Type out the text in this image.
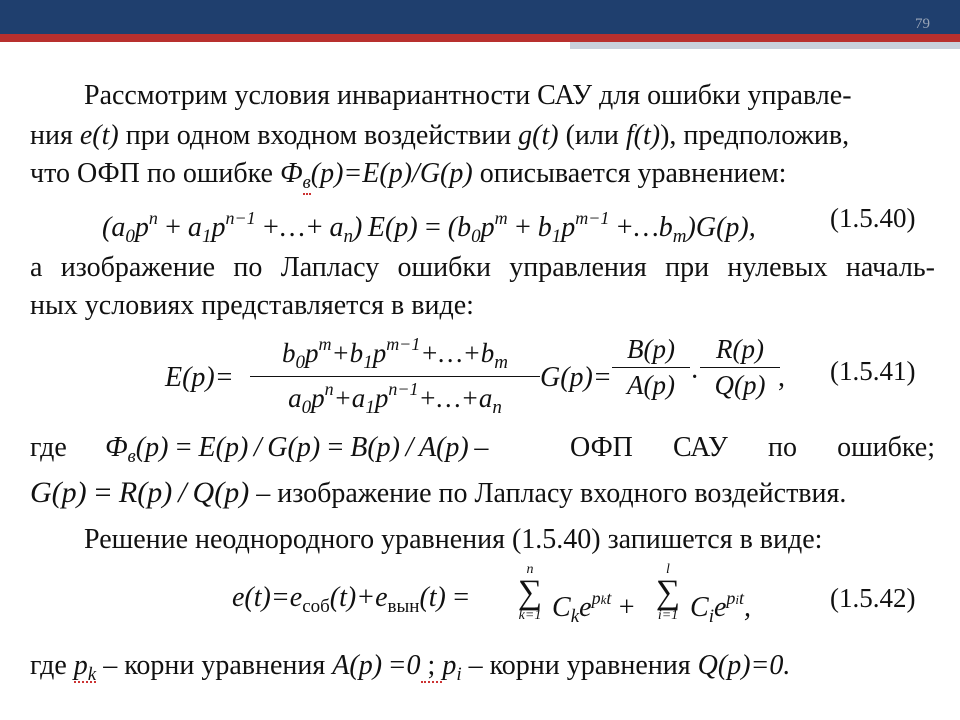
79
Рассмотрим условия инвариантности САУ для ошибки управле-
ния e(t) при одном входном воздействии g(t) (или f(t)), предположив,
что ОФП по ошибке $Ф_в(p)=E(p)/G(p)$ описывается уравнением:
($a_0p^n + a_1p^{n-1}$ +…+ $a_n$) $E(p) = (b_0p^m + b_1p^{m-1}$ $+\dots b_m)G(p)$,	(1.5.40)
а изображение по Лапласу ошибки управления при нулевых началь-
ных условиях представляется в виде:
$E(p)= \frac{b_0p^m+b_1p^{m-1}+\dots+b_m}{a_0p^n+a_1p^{n-1}+\dots+a_n} G(p)= \frac{B(p)}{A(p)} \cdot \frac{R(p)}{Q(p)}$
, (1.5.41)
где $Ф_в(p) = E(p) / G(p) = B(p) / A(p)$ –	ОФП САУ по ошибке;
G(p) = R(p) / Q(p) – изображение по Лапласу входного воздействия.
Решение неоднородного уравнения (1.5.40) запишется в виде:
$e(t)=e_{соб}(t)+e_{вын}(t)$ =
n
∑
k=1 $C_ke^{pkt}$ +
l
∑
i=1 $C_ie^{pit}$,	(1.5.42)
где $p_k$ – корни уравнения A(p) =0 ; $p_i$ – корни уравнения Q(p)=0.
